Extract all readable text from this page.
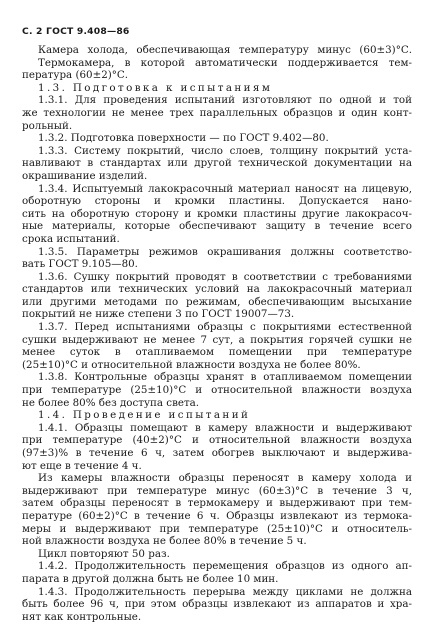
С. 2 ГОСТ 9.408—86
Камера холода, обеспечивающая температуру минус (60±3)°С.
Термокамера, в которой автоматически поддерживается тем-
пература (60±2)°С.
1.3. Подготовка к испытаниям
1.3.1. Для проведения испытаний изготовляют по одной и той
же технологии не менее трех параллельных образцов и один конт-
рольный.
1.3.2. Подготовка поверхности — по ГОСТ 9.402—80.
1.3.3. Систему покрытий, число слоев, толщину покрытий уста-
навливают в стандартах или другой технической документации на
окрашивание изделий.
1.3.4. Испытуемый лакокрасочный материал наносят на лицевую,
оборотную стороны и кромки пластины. Допускается нано-
сить на оборотную сторону и кромки пластины другие лакокрасоч-
ные материалы, которые обеспечивают защиту в течение всего
срока испытаний.
1.3.5. Параметры режимов окрашивания должны соответство-
вать ГОСТ 9.105—80.
1.3.6. Сушку покрытий проводят в соответствии с требованиями
стандартов или технических условий на лакокрасочный материал
или другими методами по режимам, обеспечивающим высыхание
покрытий не ниже степени 3 по ГОСТ 19007—73.
1.3.7. Перед испытаниями образцы с покрытиями естественной
сушки выдерживают не менее 7 сут, а покрытия горячей сушки не
менее суток в отапливаемом помещении при температуре
(25±10)°С и относительной влажности воздуха не более 80%.
1.3.8. Контрольные образцы хранят в отапливаемом помещении
при температуре (25±10)°С и относительной влажности воздуха
не более 80% без доступа света.
1.4. Проведение испытаний
1.4.1. Образцы помещают в камеру влажности и выдерживают
при температуре (40±2)°С и относительной влажности воздуха
(97±3)% в течение 6 ч, затем обогрев выключают и выдержива-
ют еще в течение 4 ч.
Из камеры влажности образцы переносят в камеру холода и
выдерживают при температуре минус (60±3)°С в течение 3 ч,
затем образцы переносят в термокамеру и выдерживают при тем-
пературе (60±2)°С в течение 6 ч. Образцы извлекают из термока-
меры и выдерживают при температуре (25±10)°С и относитель-
ной влажности воздуха не более 80% в течение 5 ч.
Цикл повторяют 50 раз.
1.4.2. Продолжительность перемещения образцов из одного ап-
парата в другой должна быть не более 10 мин.
1.4.3. Продолжительность перерыва между циклами не должна
быть более 96 ч, при этом образцы извлекают из аппаратов и хра-
нят как контрольные.
